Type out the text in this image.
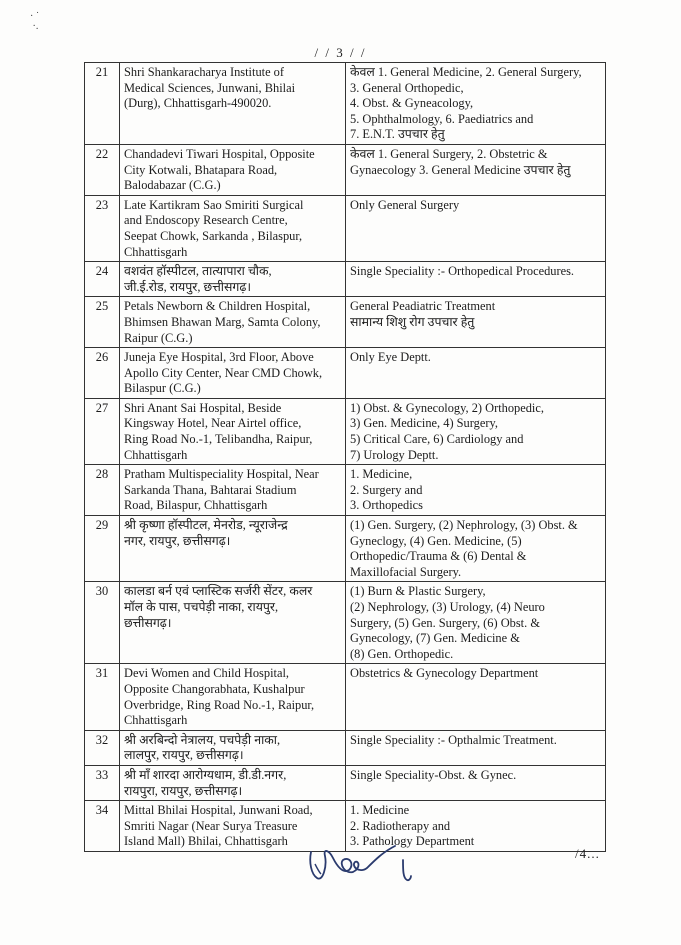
· ˙
·.
/ / 3 / /
21	Shri Shankaracharya Institute of
Medical Sciences, Junwani, Bhilai
(Durg), Chhattisgarh-490020.	केवल 1. General Medicine, 2. General Surgery,
3. General Orthopedic,
4. Obst. & Gyneacology,
5. Ophthalmology, 6. Paediatrics and
7. E.N.T. उपचार हेतु

22	Chandadevi Tiwari Hospital, Opposite
City Kotwali, Bhatapara Road,
Balodabazar (C.G.)	केवल 1. General Surgery, 2. Obstetric &
Gynaecology 3. General Medicine उपचार हेतु

23	Late Kartikram Sao Smiriti Surgical
and Endoscopy Research Centre,
Seepat Chowk, Sarkanda , Bilaspur,
Chhattisgarh	Only General Surgery

24	वशवंत हॉस्पीटल, तात्यापारा चौक,
जी.ई.रोड, रायपुर, छत्तीसगढ़।	Single Speciality :- Orthopedical Procedures.

25	Petals Newborn & Children Hospital,
Bhimsen Bhawan Marg, Samta Colony,
Raipur (C.G.)	General Peadiatric Treatment
सामान्य शिशु रोग उपचार हेतु

26	Juneja Eye Hospital, 3rd Floor, Above
Apollo City Center, Near CMD Chowk,
Bilaspur (C.G.)	Only Eye Deptt.

27	Shri Anant Sai Hospital, Beside
Kingsway Hotel, Near Airtel office,
Ring Road No.-1, Telibandha, Raipur,
Chhattisgarh	1) Obst. & Gynecology, 2) Orthopedic,
3) Gen. Medicine, 4) Surgery,
5) Critical Care, 6) Cardiology and
7) Urology Deptt.

28	Pratham Multispeciality Hospital, Near
Sarkanda Thana, Bahtarai Stadium
Road, Bilaspur, Chhattisgarh	1. Medicine,
2. Surgery and
3. Orthopedics

29	श्री कृष्णा हॉस्पीटल, मेनरोड, न्यूराजेन्द्र
नगर, रायपुर, छत्तीसगढ़।	(1) Gen. Surgery, (2) Nephrology, (3) Obst. &
Gyneclogy, (4) Gen. Medicine, (5)
Orthopedic/Trauma & (6) Dental &
Maxillofacial Surgery.

30	कालडा बर्न एवं प्लास्टिक सर्जरी सेंटर, कलर
मॉल के पास, पचपेड़ी नाका, रायपुर,
छत्तीसगढ़।	(1) Burn & Plastic Surgery,
(2) Nephrology, (3) Urology, (4) Neuro
Surgery, (5) Gen. Surgery, (6) Obst. &
Gynecology, (7) Gen. Medicine &
(8) Gen. Orthopedic.

31	Devi Women and Child Hospital,
Opposite Changorabhata, Kushalpur
Overbridge, Ring Road No.-1, Raipur,
Chhattisgarh	Obstetrics & Gynecology Department

32	श्री अरबिन्दो नेत्रालय, पचपेड़ी नाका,
लालपुर, रायपुर, छत्तीसगढ़।	Single Speciality :- Opthalmic Treatment.

33	श्री माँ शारदा आरोग्यधाम, डी.डी.नगर,
रायपुरा, रायपुर, छत्तीसगढ़।	Single Speciality-Obst. & Gynec.

34	Mittal Bhilai Hospital, Junwani Road,
Smriti Nagar (Near Surya Treasure
Island Mall) Bhilai, Chhattisgarh	1. Medicine
2. Radiotherapy and
3. Pathology Department
/4...
